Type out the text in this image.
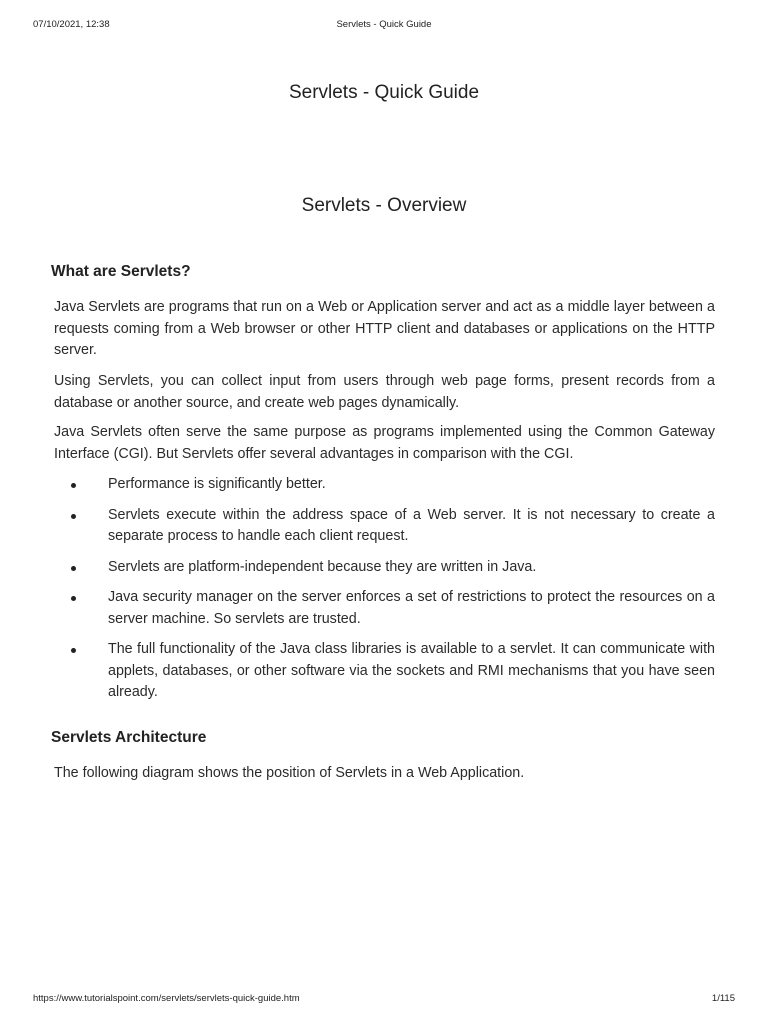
07/10/2021, 12:38	Servlets - Quick Guide
Servlets - Quick Guide
Servlets - Overview
What are Servlets?

Java Servlets are programs that run on a Web or Application server and act as a middle layer between a requests coming from a Web browser or other HTTP client and databases or applications on the HTTP server.

Using Servlets, you can collect input from users through web page forms, present records from a database or another source, and create web pages dynamically.

Java Servlets often serve the same purpose as programs implemented using the Common Gateway Interface (CGI). But Servlets offer several advantages in comparison with the CGI.

Performance is significantly better.
Servlets execute within the address space of a Web server. It is not necessary to create a separate process to handle each client request.
Servlets are platform-independent because they are written in Java.
Java security manager on the server enforces a set of restrictions to protect the resources on a server machine. So servlets are trusted.
The full functionality of the Java class libraries is available to a servlet. It can communicate with applets, databases, or other software via the sockets and RMI mechanisms that you have seen already.
Servlets Architecture

The following diagram shows the position of Servlets in a Web Application.

https://www.tutorialspoint.com/servlets/servlets-quick-guide.htm	1/115
